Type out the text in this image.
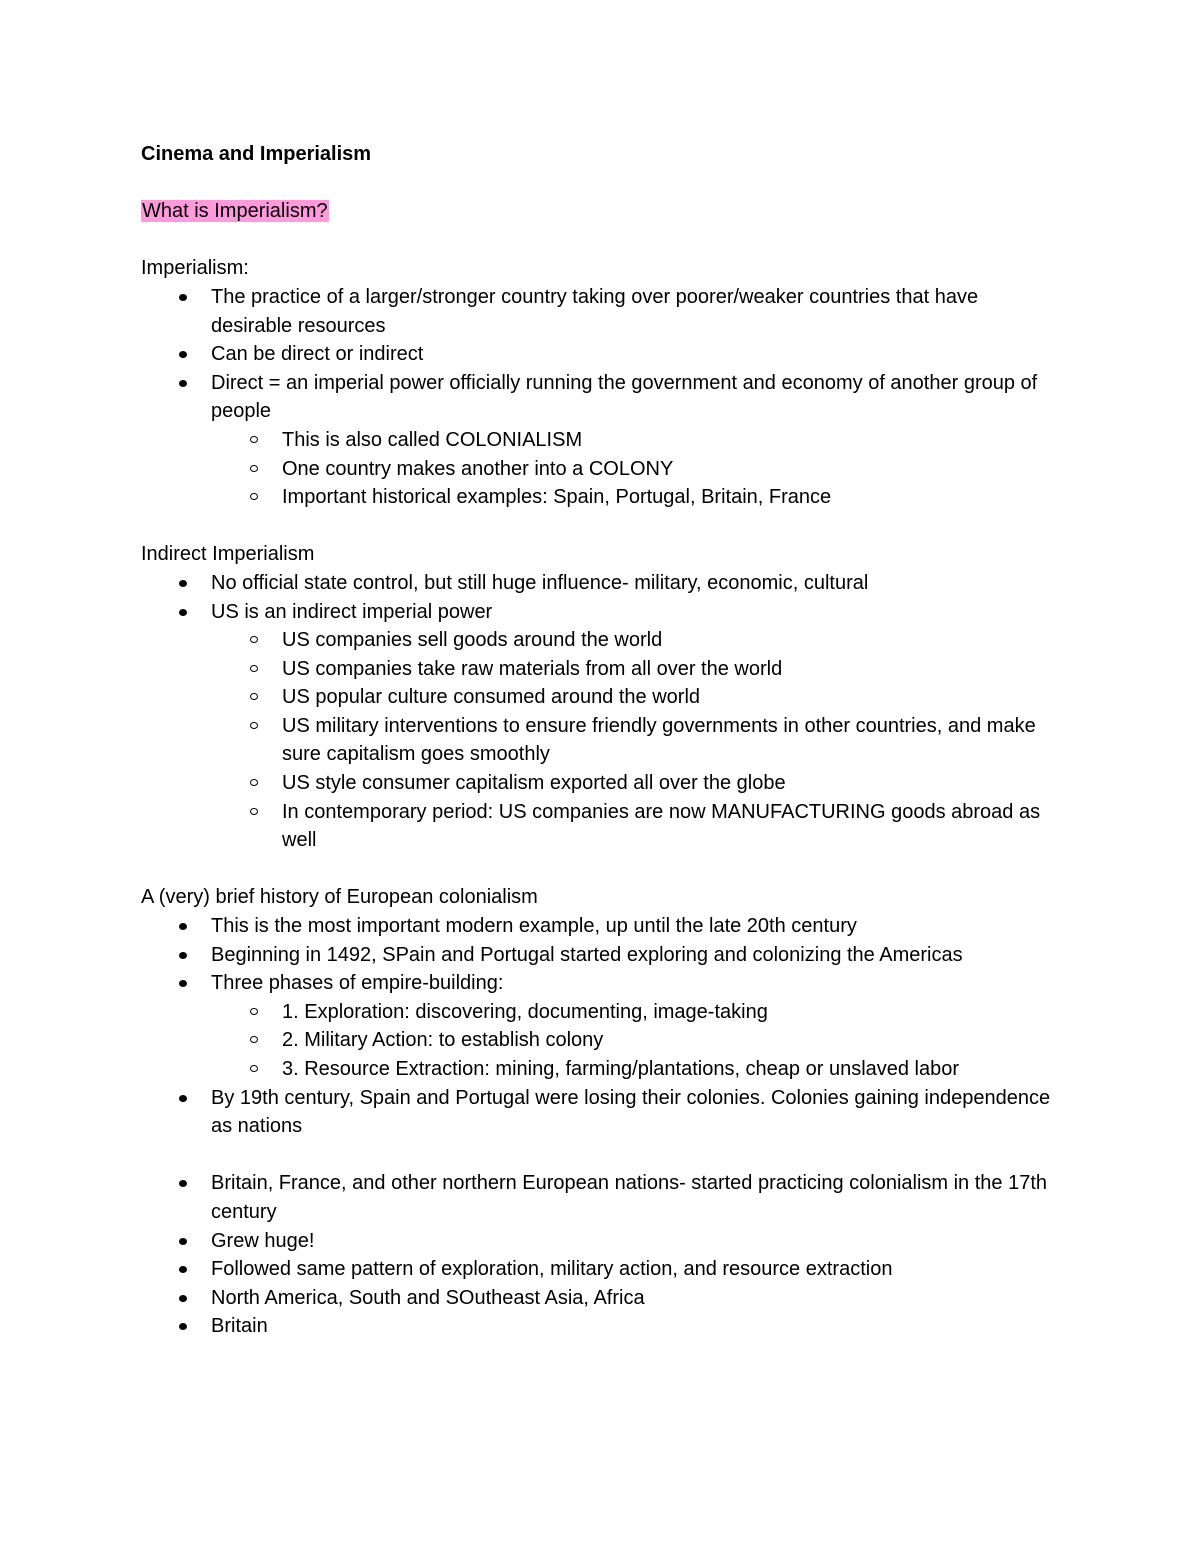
Cinema and Imperialism

What is Imperialism?

Imperialism:

The practice of a larger/stronger country taking over poorer/weaker countries that have desirable resources
Can be direct or indirect
Direct = an imperial power officially running the government and economy of another group of people
This is also called COLONIALISM
One country makes another into a COLONY
Important historical examples: Spain, Portugal, Britain, France

Indirect Imperialism

No official state control, but still huge influence- military, economic, cultural
US is an indirect imperial power
US companies sell goods around the world
US companies take raw materials from all over the world
US popular culture consumed around the world
US military interventions to ensure friendly governments in other countries, and make sure capitalism goes smoothly
US style consumer capitalism exported all over the globe
In contemporary period: US companies are now MANUFACTURING goods abroad as well

A (very) brief history of European colonialism

This is the most important modern example, up until the late 20th century
Beginning in 1492, SPain and Portugal started exploring and colonizing the Americas
Three phases of empire-building:
1. Exploration: discovering, documenting, image-taking
2. Military Action: to establish colony
3. Resource Extraction: mining, farming/plantations, cheap or unslaved labor
By 19th century, Spain and Portugal were losing their colonies. Colonies gaining independence as nations
Britain, France, and other northern European nations- started practicing colonialism in the 17th century
Grew huge!
Followed same pattern of exploration, military action, and resource extraction
North America, South and SOutheast Asia, Africa
Britain
